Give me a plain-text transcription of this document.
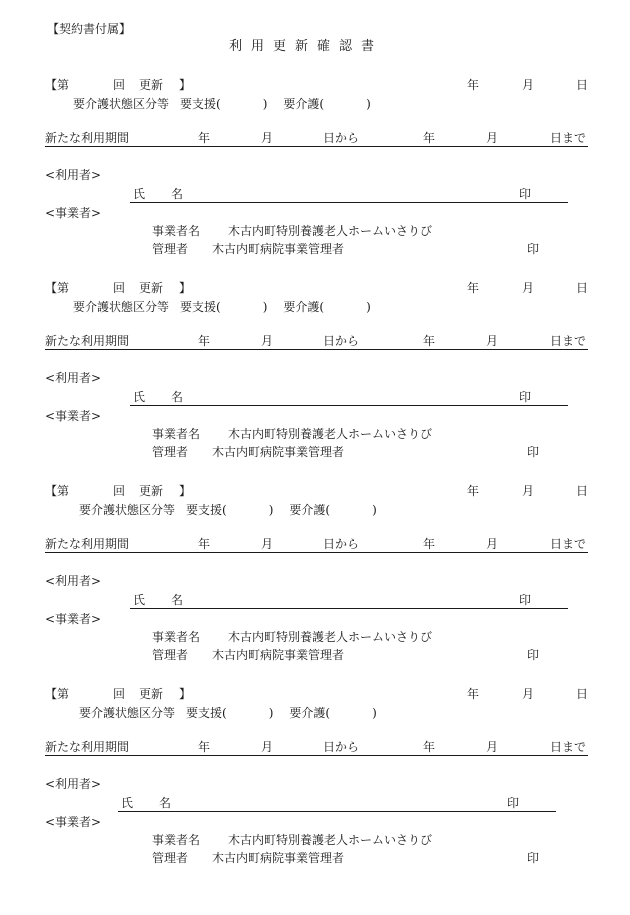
【契約書付属】
利用更新確認書
【第	回 更新 】	年	月	日
要介護状態区分等 要支援(	) 要介護(	)
新たな利用期間	年	月	日から	年	月	日まで
<利用者>
氏 名	印
<事業者>
事業者名 木古内町特別養護老人ホームいさりび
管理者 木古内町病院事業管理者	印
【第	回 更新 】	年	月	日
要介護状態区分等 要支援(	) 要介護(	)
新たな利用期間	年	月	日から	年	月	日まで
<利用者>
氏 名	印
<事業者>
事業者名 木古内町特別養護老人ホームいさりび
管理者 木古内町病院事業管理者	印
【第	回 更新 】	年	月	日
要介護状態区分等 要支援(	) 要介護(	)
新たな利用期間	年	月	日から	年	月	日まで
<利用者>
氏 名	印
<事業者>
事業者名 木古内町特別養護老人ホームいさりび
管理者 木古内町病院事業管理者	印
【第	回 更新 】	年	月	日
要介護状態区分等 要支援(	) 要介護(	)
新たな利用期間	年	月	日から	年	月	日まで
<利用者>
氏 名	印
<事業者>
事業者名 木古内町特別養護老人ホームいさりび
管理者 木古内町病院事業管理者	印
